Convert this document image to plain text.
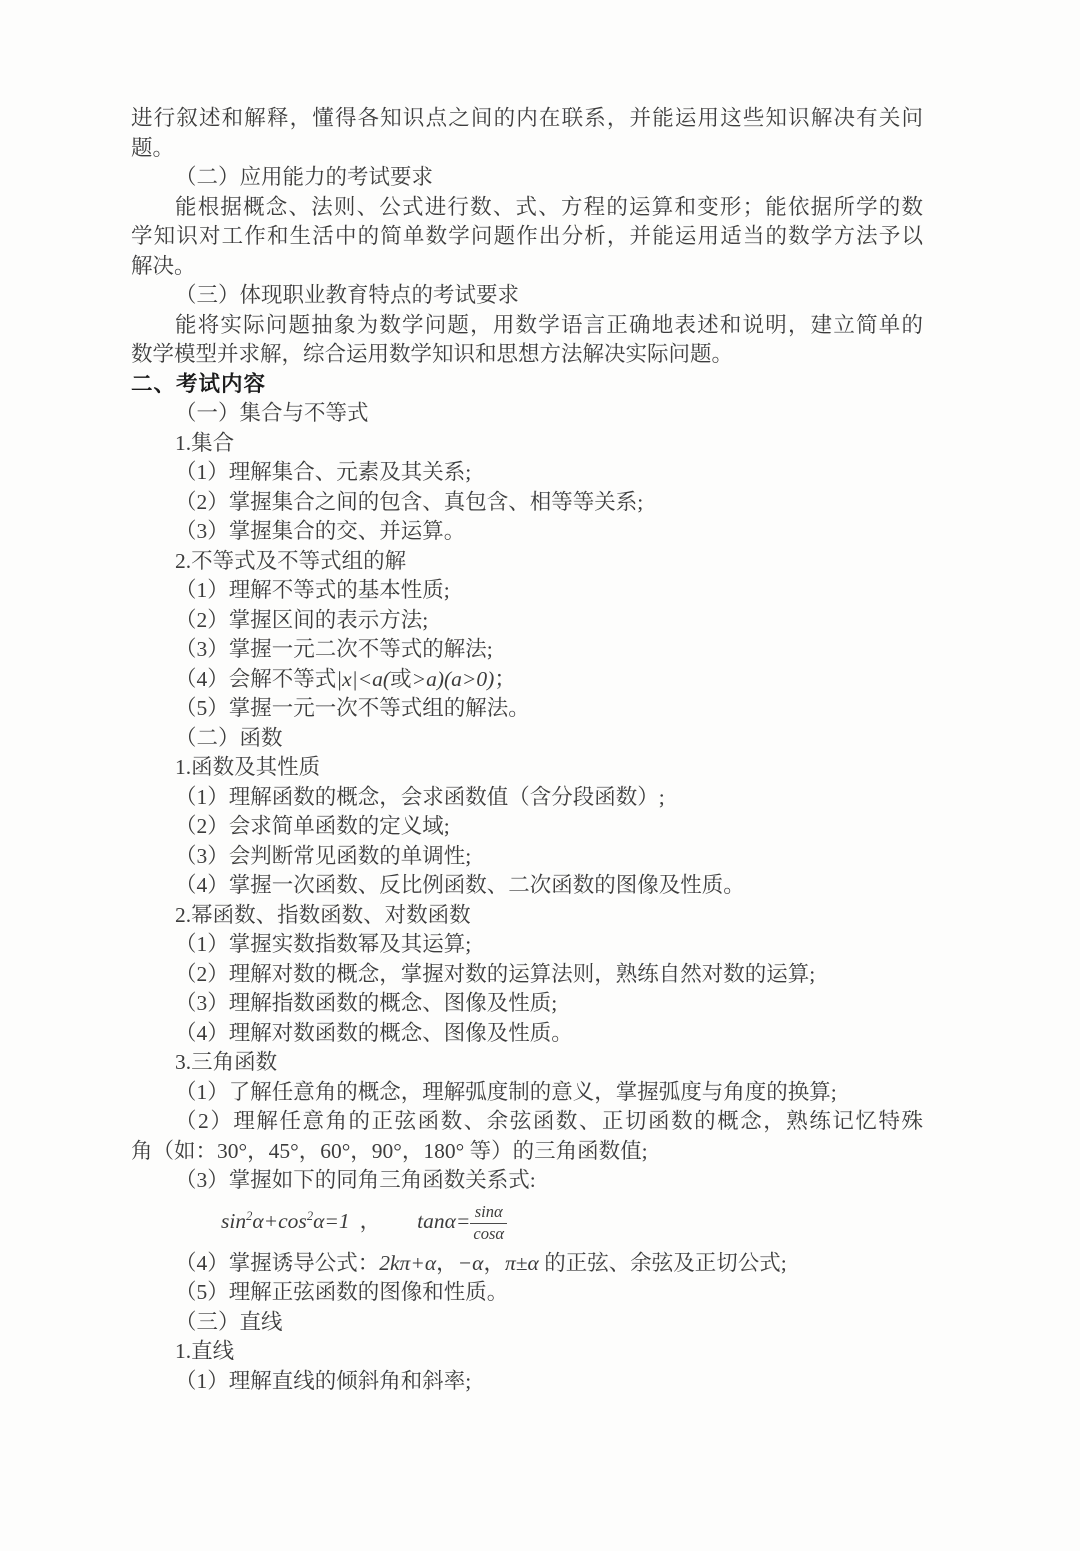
进行叙述和解释，懂得各知识点之间的内在联系，并能运用这些知识解决有关问
题。
（二）应用能力的考试要求
能根据概念、法则、公式进行数、式、方程的运算和变形；能依据所学的数
学知识对工作和生活中的简单数学问题作出分析，并能运用适当的数学方法予以
解决。
（三）体现职业教育特点的考试要求
能将实际问题抽象为数学问题，用数学语言正确地表述和说明，建立简单的
数学模型并求解，综合运用数学知识和思想方法解决实际问题。
二、考试内容
（一）集合与不等式
1.集合
（1）理解集合、元素及其关系;
（2）掌握集合之间的包含、真包含、相等等关系;
（3）掌握集合的交、并运算。
2.不等式及不等式组的解
（1）理解不等式的基本性质;
（2）掌握区间的表示方法;
（3）掌握一元二次不等式的解法;
（4）会解不等式|x|<a(或>a)(a>0)；
（5）掌握一元一次不等式组的解法。
（二）函数
1.函数及其性质
（1）理解函数的概念，会求函数值（含分段函数）;
（2）会求简单函数的定义域;
（3）会判断常见函数的单调性;
（4）掌握一次函数、反比例函数、二次函数的图像及性质。
2.幂函数、指数函数、对数函数
（1）掌握实数指数幂及其运算;
（2）理解对数的概念，掌握对数的运算法则，熟练自然对数的运算;
（3）理解指数函数的概念、图像及性质;
（4）理解对数函数的概念、图像及性质。
3.三角函数
（1）了解任意角的概念，理解弧度制的意义，掌握弧度与角度的换算;
（2）理解任意角的正弦函数、余弦函数、正切函数的概念，熟练记忆特殊
角（如：30°，45°，60°，90°，180° 等）的三角函数值;
（3）掌握如下的同角三角函数关系式:
$\sin^2\alpha+\cos^2\alpha=1$ ， $\tan\alpha= \frac{\sin\alpha}{\cos\alpha}$
（4）掌握诱导公式：2kπ+α，−α，π±α 的正弦、余弦及正切公式;
（5）理解正弦函数的图像和性质。
（三）直线
1.直线
（1）理解直线的倾斜角和斜率;
